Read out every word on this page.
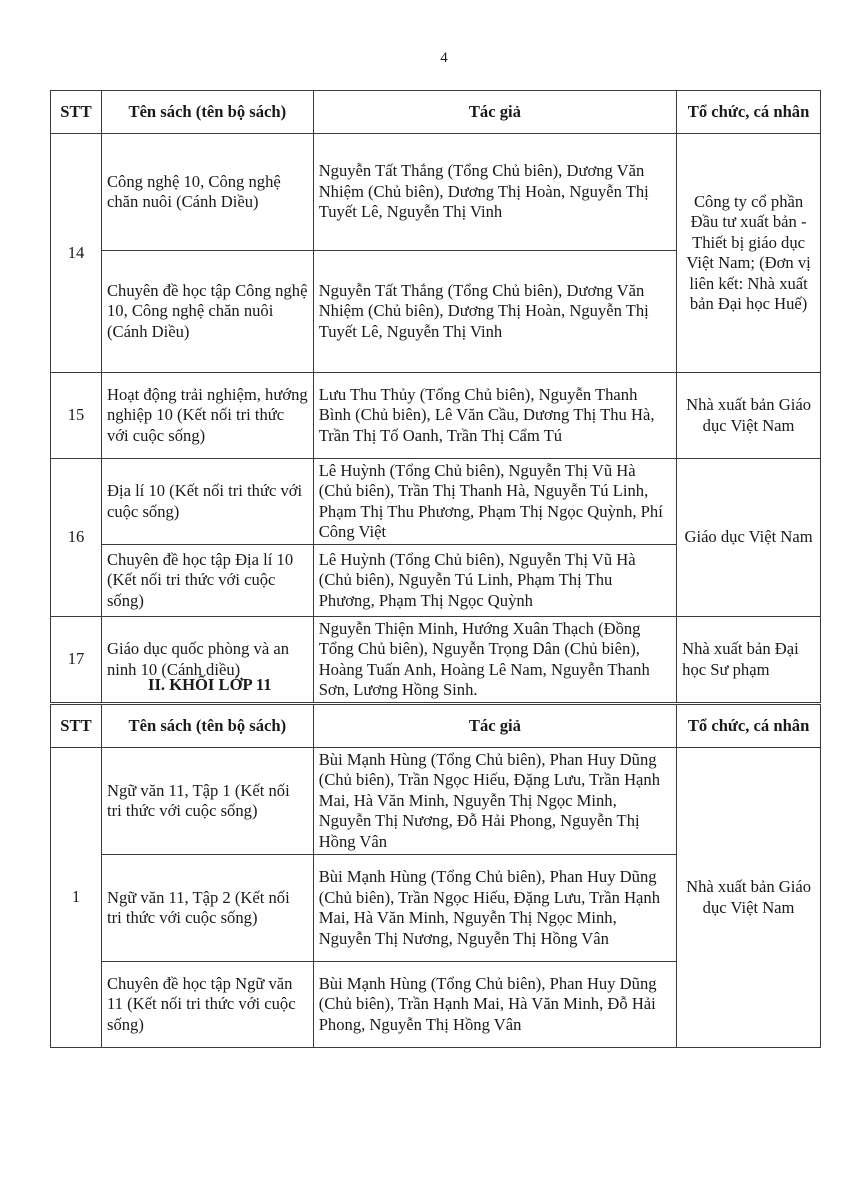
4
STT	Tên sách (tên bộ sách)	Tác giả	Tổ chức, cá nhân
14	Công nghệ 10, Công nghệ chăn nuôi (Cánh Diều)	Nguyễn Tất Thắng (Tổng Chủ biên), Dương Văn Nhiệm (Chủ biên), Dương Thị Hoàn, Nguyễn Thị Tuyết Lê, Nguyễn Thị Vinh	Công ty cổ phần Đầu tư xuất bản - Thiết bị giáo dục Việt Nam; (Đơn vị liên kết: Nhà xuất bản Đại học Huế)
	Chuyên đề học tập Công nghệ 10, Công nghệ chăn nuôi (Cánh Diều)	Nguyễn Tất Thắng (Tổng Chủ biên), Dương Văn Nhiệm (Chủ biên), Dương Thị Hoàn, Nguyễn Thị Tuyết Lê, Nguyễn Thị Vinh	
15	Hoạt động trải nghiệm, hướng nghiệp 10 (Kết nối tri thức với cuộc sống)	Lưu Thu Thủy (Tổng Chủ biên), Nguyễn Thanh Bình (Chủ biên), Lê Văn Cầu, Dương Thị Thu Hà, Trần Thị Tố Oanh, Trần Thị Cẩm Tú	Nhà xuất bản Giáo dục Việt Nam
16	Địa lí 10 (Kết nối tri thức với cuộc sống)	Lê Huỳnh (Tổng Chủ biên), Nguyễn Thị Vũ Hà (Chủ biên), Trần Thị Thanh Hà, Nguyễn Tú Linh, Phạm Thị Thu Phương, Phạm Thị Ngọc Quỳnh, Phí Công Việt	Giáo dục Việt Nam
	Chuyên đề học tập Địa lí 10 (Kết nối tri thức với cuộc sống)	Lê Huỳnh (Tổng Chủ biên), Nguyễn Thị Vũ Hà (Chủ biên), Nguyễn Tú Linh, Phạm Thị Thu Phương, Phạm Thị Ngọc Quỳnh	
17	Giáo dục quốc phòng và an ninh 10 (Cánh diều)	Nguyễn Thiện Minh, Hướng Xuân Thạch (Đồng Tổng Chủ biên), Nguyễn Trọng Dân (Chủ biên), Hoàng Tuấn Anh, Hoàng Lê Nam, Nguyễn Thanh Sơn, Lương Hồng Sinh.	Nhà xuất bản Đại học Sư phạm
II. KHỐI LỚP 11
STT	Tên sách (tên bộ sách)	Tác giả	Tổ chức, cá nhân
1	Ngữ văn 11, Tập 1 (Kết nối tri thức với cuộc sống)	Bùi Mạnh Hùng (Tổng Chủ biên), Phan Huy Dũng (Chủ biên), Trần Ngọc Hiếu, Đặng Lưu, Trần Hạnh Mai, Hà Văn Minh, Nguyễn Thị Ngọc Minh, Nguyễn Thị Nương, Đỗ Hải Phong, Nguyễn Thị Hồng Vân	Nhà xuất bản Giáo dục Việt Nam
	Ngữ văn 11, Tập 2 (Kết nối tri thức với cuộc sống)	Bùi Mạnh Hùng (Tổng Chủ biên), Phan Huy Dũng (Chủ biên), Trần Ngọc Hiếu, Đặng Lưu, Trần Hạnh Mai, Hà Văn Minh, Nguyễn Thị Ngọc Minh, Nguyễn Thị Nương, Nguyễn Thị Hồng Vân	
	Chuyên đề học tập Ngữ văn 11 (Kết nối tri thức với cuộc sống)	Bùi Mạnh Hùng (Tổng Chủ biên), Phan Huy Dũng (Chủ biên), Trần Hạnh Mai, Hà Văn Minh, Đỗ Hải Phong, Nguyễn Thị Hồng Vân	
